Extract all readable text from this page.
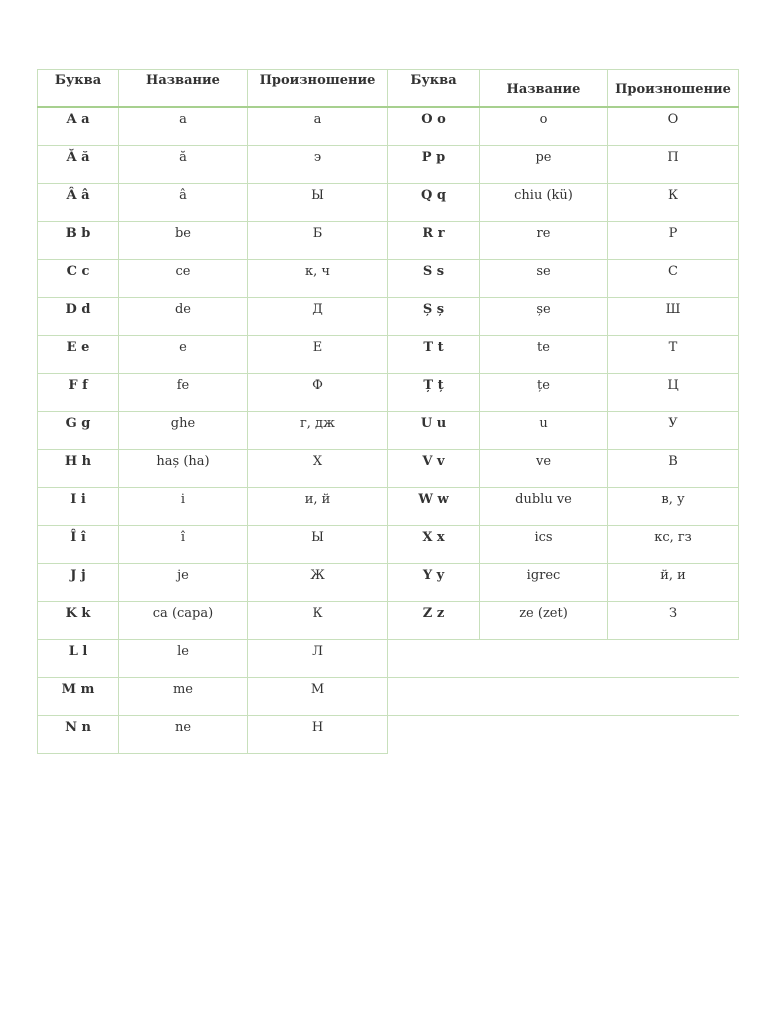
Буква	Название	Произношение	Буква	Название	Произношение

A a	a	а	O o	o	О

Ă ă	ă	э	P p	pe	П

Â â	â	Ы	Q q	chiu (kü)	К

B b	be	Б	R r	re	Р

C c	ce	к, ч	S s	se	С

D d	de	Д	Ș ș	șe	Ш

E e	e	Е	T t	te	Т

F f	fe	Ф	Ț ț	țe	Ц

G g	ghe	г, дж	U u	u	У

H h	haș (ha)	Х	V v	ve	В

I i	i	и, й	W w	dublu ve	в, у

Î î	î	Ы	X x	ics	кс, гз

J j	je	Ж	Y y	igrec	й, и

K k	ca (capa)	К	Z z	ze (zet)	З

L l	le	Л			

M m	me	М			

N n	ne	Н			
